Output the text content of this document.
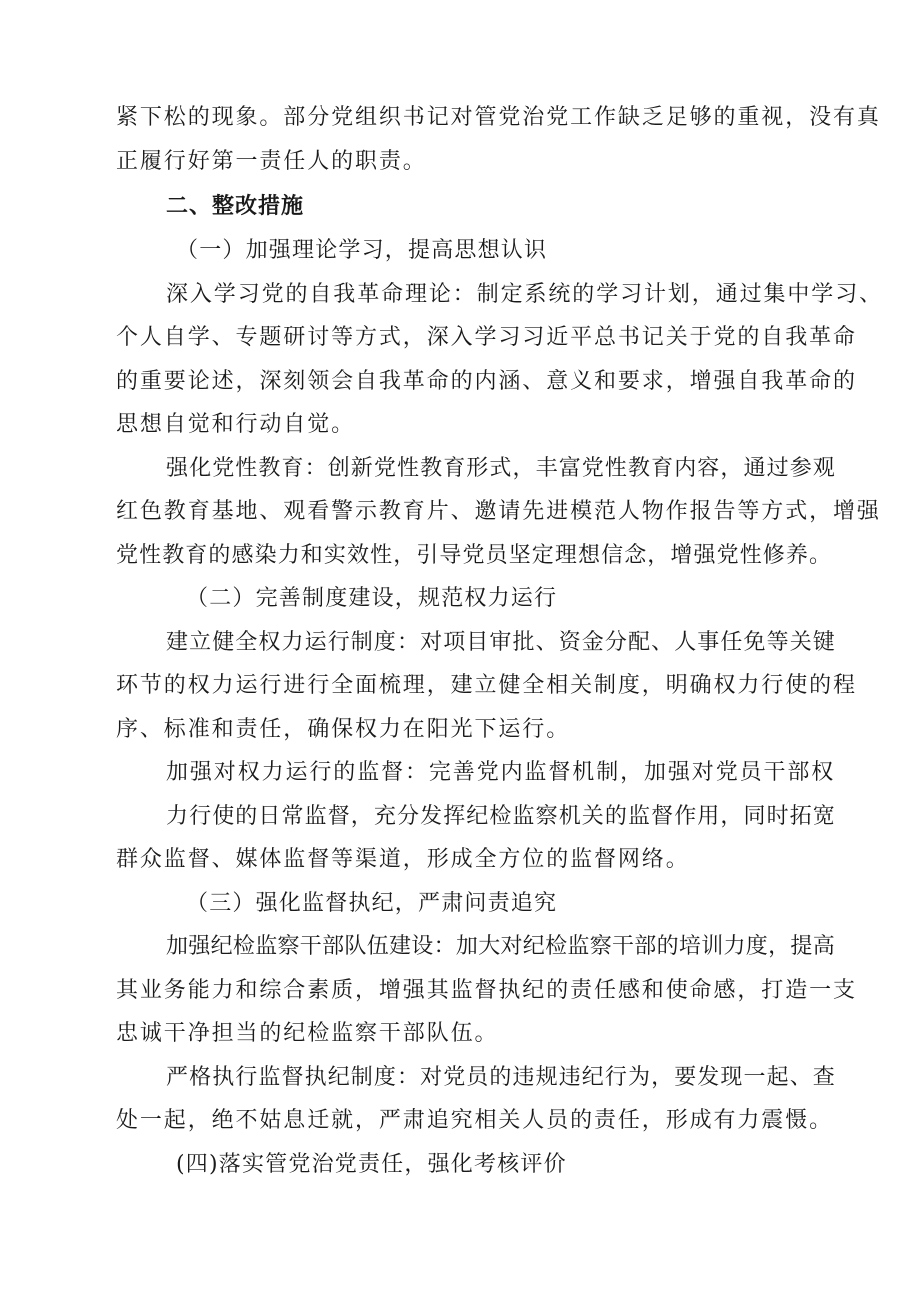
紧下松的现象。部分党组织书记对管党治党工作缺乏足够的重视，没有真
正履行好第一责任人的职责。
二、整改措施
（一）加强理论学习，提高思想认识
深入学习党的自我革命理论：制定系统的学习计划，通过集中学习、
个人自学、专题研讨等方式，深入学习习近平总书记关于党的自我革命
的重要论述，深刻领会自我革命的内涵、意义和要求，增强自我革命的
思想自觉和行动自觉。
强化党性教育：创新党性教育形式，丰富党性教育内容，通过参观
红色教育基地、观看警示教育片、邀请先进模范人物作报告等方式，增强
党性教育的感染力和实效性，引导党员坚定理想信念，增强党性修养。
（二）完善制度建设，规范权力运行
建立健全权力运行制度：对项目审批、资金分配、人事任免等关键
环节的权力运行进行全面梳理，建立健全相关制度，明确权力行使的程
序、标准和责任，确保权力在阳光下运行。
加强对权力运行的监督：完善党内监督机制，加强对党员干部权
力行使的日常监督，充分发挥纪检监察机关的监督作用，同时拓宽
群众监督、媒体监督等渠道，形成全方位的监督网络。
（三）强化监督执纪，严肃问责追究
加强纪检监察干部队伍建设：加大对纪检监察干部的培训力度，提高
其业务能力和综合素质，增强其监督执纪的责任感和使命感，打造一支
忠诚干净担当的纪检监察干部队伍。
严格执行监督执纪制度：对党员的违规违纪行为，要发现一起、查
处一起，绝不姑息迁就，严肃追究相关人员的责任，形成有力震慑。
(四)落实管党治党责任，强化考核评价
